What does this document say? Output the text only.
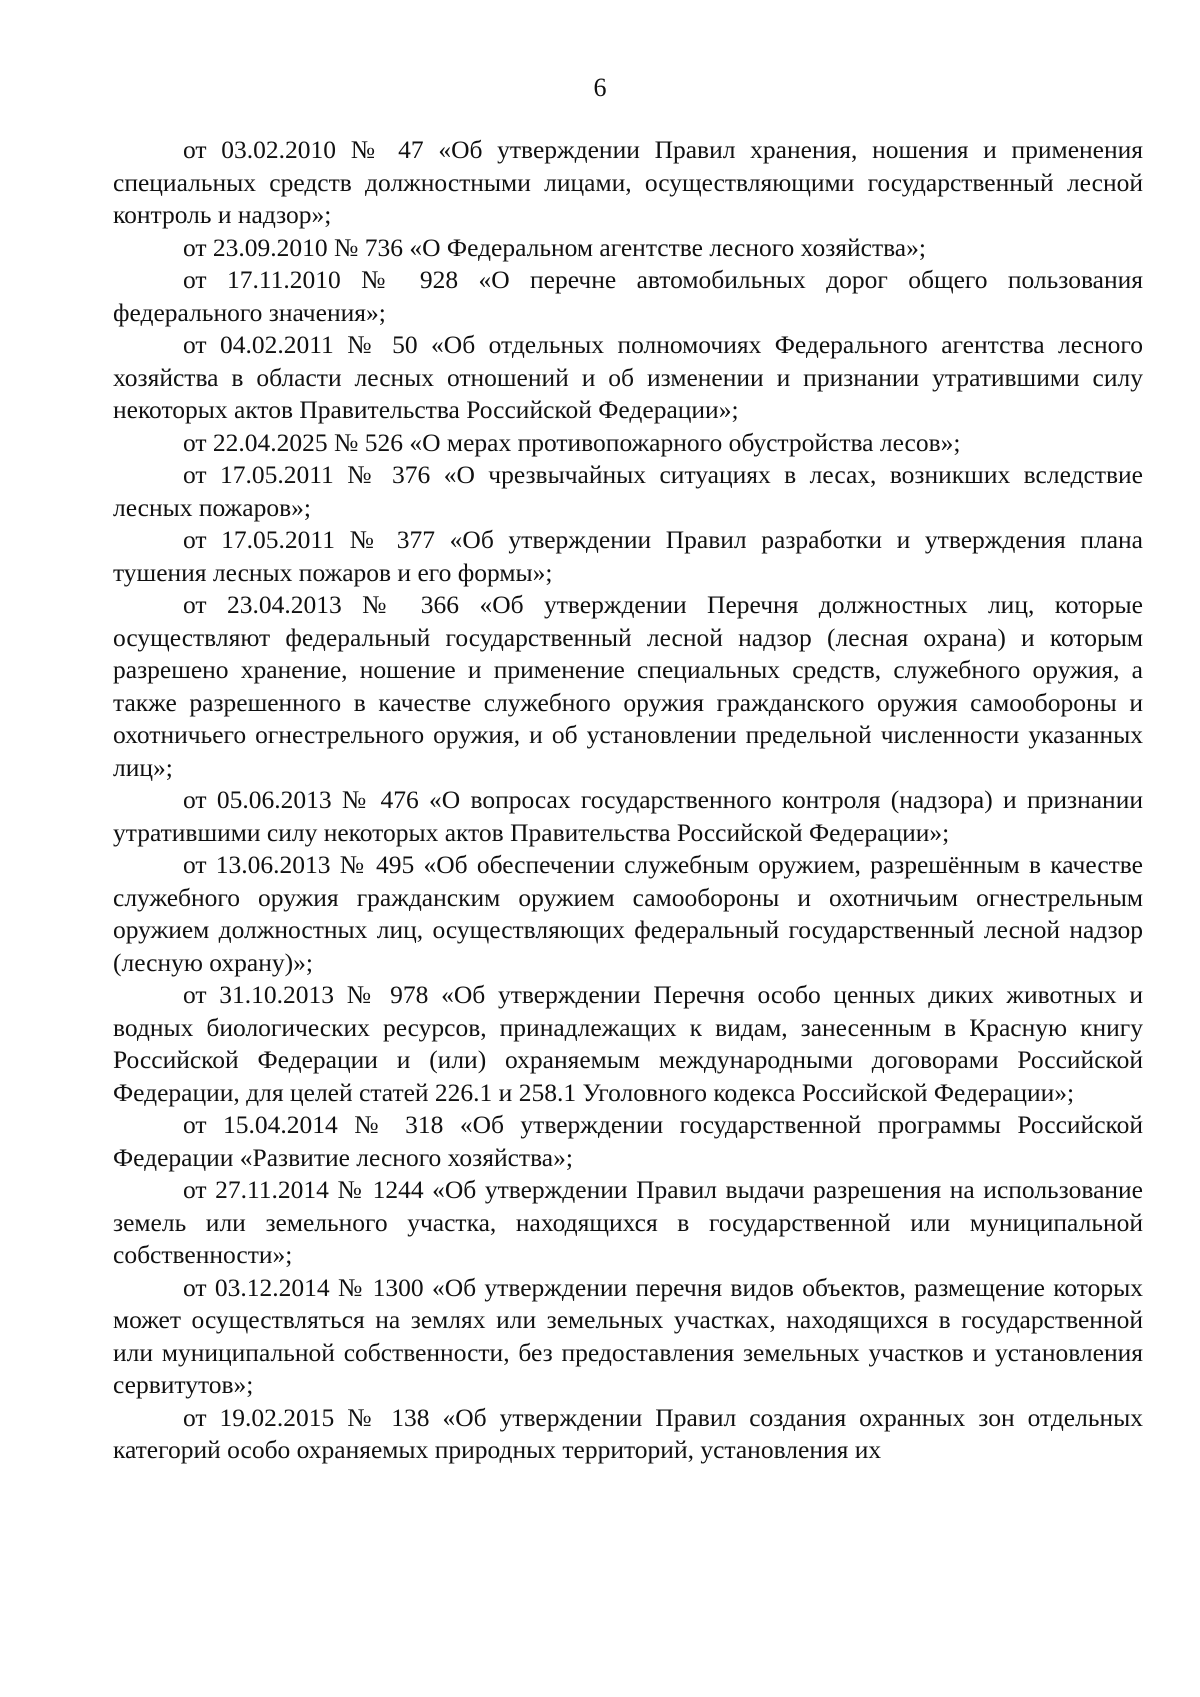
6

от 03.02.2010 № 47 «Об утверждении Правил хранения, ношения и применения специальных средств должностными лицами, осуществляющими государственный лесной контроль и надзор»;

от 23.09.2010 № 736 «О Федеральном агентстве лесного хозяйства»;

от 17.11.2010 № 928 «О перечне автомобильных дорог общего пользования федерального значения»;

от 04.02.2011 № 50 «Об отдельных полномочиях Федерального агентства лесного хозяйства в области лесных отношений и об изменении и признании утратившими силу некоторых актов Правительства Российской Федерации»;

от 22.04.2025 № 526 «О мерах противопожарного обустройства лесов»;

от 17.05.2011 № 376 «О чрезвычайных ситуациях в лесах, возникших вследствие лесных пожаров»;

от 17.05.2011 № 377 «Об утверждении Правил разработки и утверждения плана тушения лесных пожаров и его формы»;

от 23.04.2013 № 366 «Об утверждении Перечня должностных лиц, которые осуществляют федеральный государственный лесной надзор (лесная охрана) и которым разрешено хранение, ношение и применение специальных средств, служебного оружия, а также разрешенного в качестве служебного оружия гражданского оружия самообороны и охотничьего огнестрельного оружия, и об установлении предельной численности указанных лиц»;

от 05.06.2013 № 476 «О вопросах государственного контроля (надзора) и признании утратившими силу некоторых актов Правительства Российской Федерации»;

от 13.06.2013 № 495 «Об обеспечении служебным оружием, разрешённым в качестве служебного оружия гражданским оружием самообороны и охотничьим огнестрельным оружием должностных лиц, осуществляющих федеральный государственный лесной надзор (лесную охрану)»;

от 31.10.2013 № 978 «Об утверждении Перечня особо ценных диких животных и водных биологических ресурсов, принадлежащих к видам, занесенным в Красную книгу Российской Федерации и (или) охраняемым международными договорами Российской Федерации, для целей статей 226.1 и 258.1 Уголовного кодекса Российской Федерации»;

от 15.04.2014 № 318 «Об утверждении государственной программы Российской Федерации «Развитие лесного хозяйства»;

от 27.11.2014 № 1244 «Об утверждении Правил выдачи разрешения на использование земель или земельного участка, находящихся в государственной или муниципальной собственности»;

от 03.12.2014 № 1300 «Об утверждении перечня видов объектов, размещение которых может осуществляться на землях или земельных участках, находящихся в государственной или муниципальной собственности, без предоставления земельных участков и установления сервитутов»;

от 19.02.2015 № 138 «Об утверждении Правил создания охранных зон отдельных категорий особо охраняемых природных территорий, установления их
